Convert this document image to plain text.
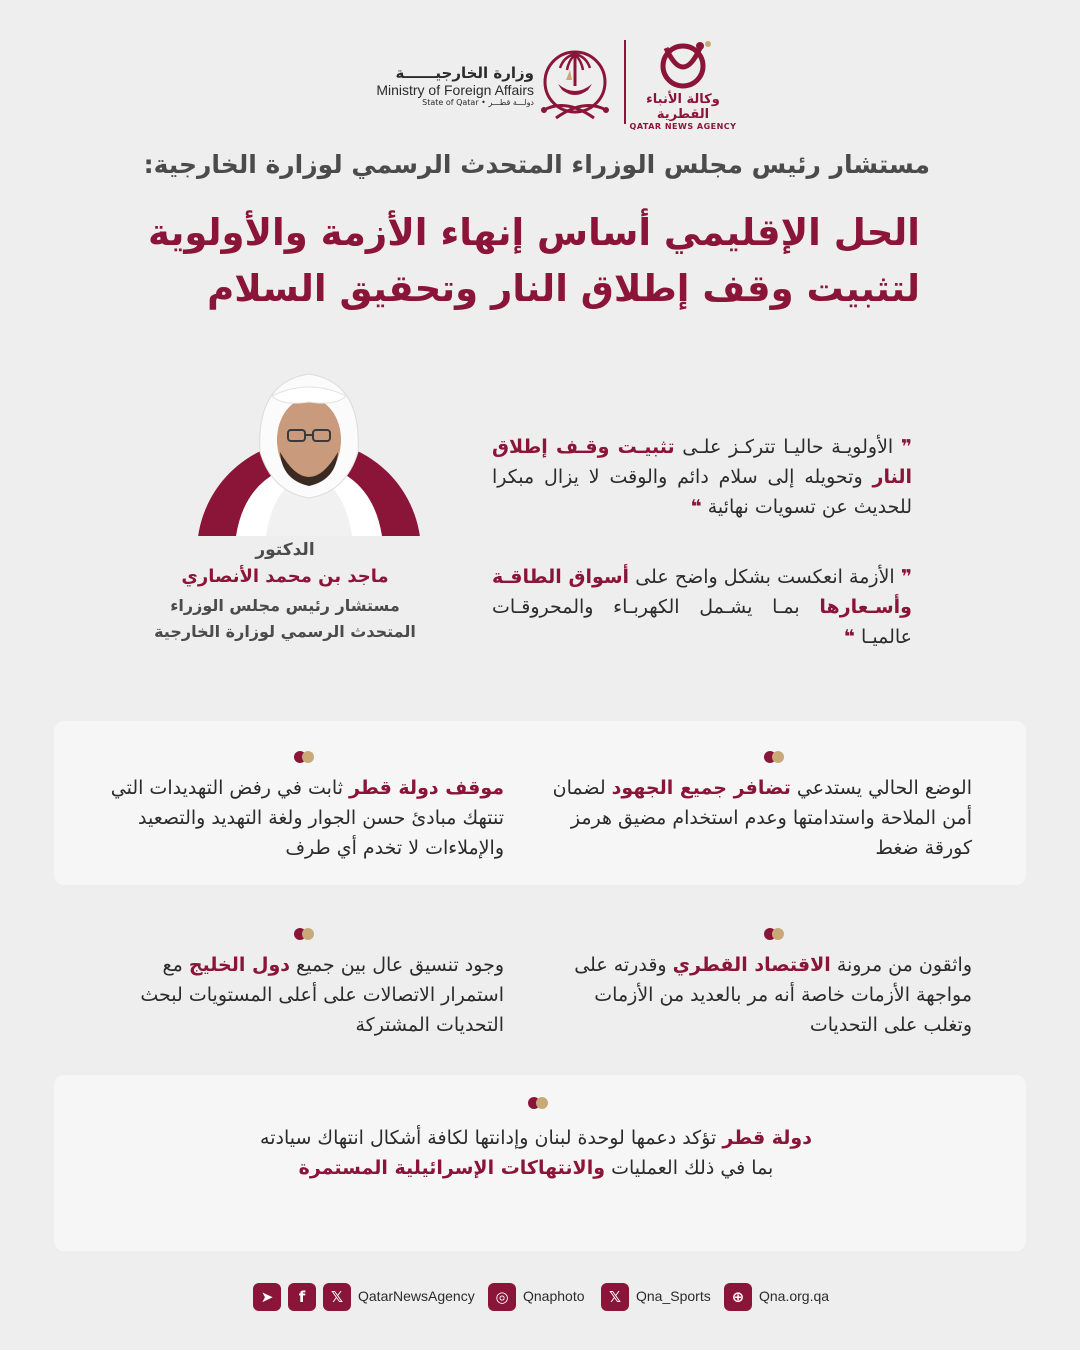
وزارة الخارجيــــــة
Ministry of Foreign Affairs
State of Qatar • دولـــة قطـــر	وكالة الأنباء القطرية
QATAR NEWS AGENCY
مستشار رئيس مجلس الوزراء المتحدث الرسمي لوزارة الخارجية:
الحل الإقليمي أساس إنهاء الأزمة والأولوية
لتثبيت وقف إطلاق النار وتحقيق السلام
الدكتور
ماجد بن محمد الأنصاري
مستشار رئيس مجلس الوزراء
المتحدث الرسمي لوزارة الخارجية
❞ الأولويـة حاليـا تتركـز علـى تثبيـت وقـف إطلاق النار وتحويله إلى سلام دائم والوقت لا يزال مبكرا للحديث عن تسويات نهائية ❝
❞ الأزمة انعكست بشكل واضح على أسواق الطاقـة وأسـعارها بمـا يشـمل الكهربـاء والمحروقـات عالميـا ❝
الوضع الحالي يستدعي تضافر جميع الجهود لضمان أمن الملاحة واستدامتها وعدم استخدام مضيق هرمز كورقة ضغط
موقف دولة قطر ثابت في رفض التهديدات التي تنتهك مبادئ حسن الجوار ولغة التهديد والتصعيد والإملاءات لا تخدم أي طرف
واثقون من مرونة الاقتصاد القطري وقدرته على مواجهة الأزمات خاصة أنه مر بالعديد من الأزمات وتغلب على التحديات
وجود تنسيق عال بين جميع دول الخليج مع استمرار الاتصالات على أعلى المستويات لبحث التحديات المشتركة
دولة قطر تؤكد دعمها لوحدة لبنان وإدانتها لكافة أشكال انتهاك سيادته بما في ذلك العمليات والانتهاكات الإسرائيلية المستمرة
➤	f	𝕏	QatarNewsAgency	◎	Qnaphoto	𝕏	Qna_Sports	⊕	Qna.org.qa
